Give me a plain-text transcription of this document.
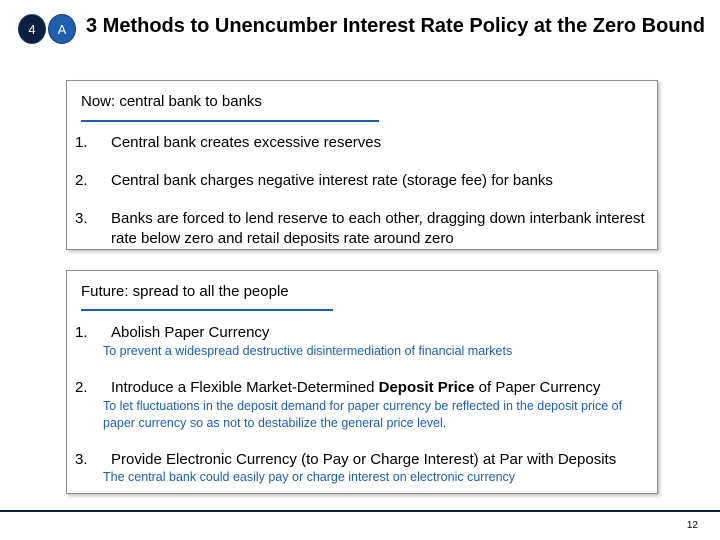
4 A 3 Methods to Unencumber Interest Rate Policy at the Zero Bound
Now: central bank to banks
1. Central bank creates excessive reserves
2. Central bank charges negative interest rate (storage fee) for banks
3. Banks are forced to lend reserve to each other, dragging down interbank interest rate below zero and retail deposits rate around zero
Future: spread to all the people
1. Abolish Paper Currency
To prevent a widespread destructive disintermediation of financial markets
2. Introduce a Flexible Market-Determined Deposit Price of Paper Currency
To let fluctuations in the deposit demand for paper currency be reflected in the deposit price of paper currency so as not to destabilize the general price level.
3. Provide Electronic Currency (to Pay or Charge Interest) at Par with Deposits
The central bank could easily pay or charge interest on electronic currency
12
